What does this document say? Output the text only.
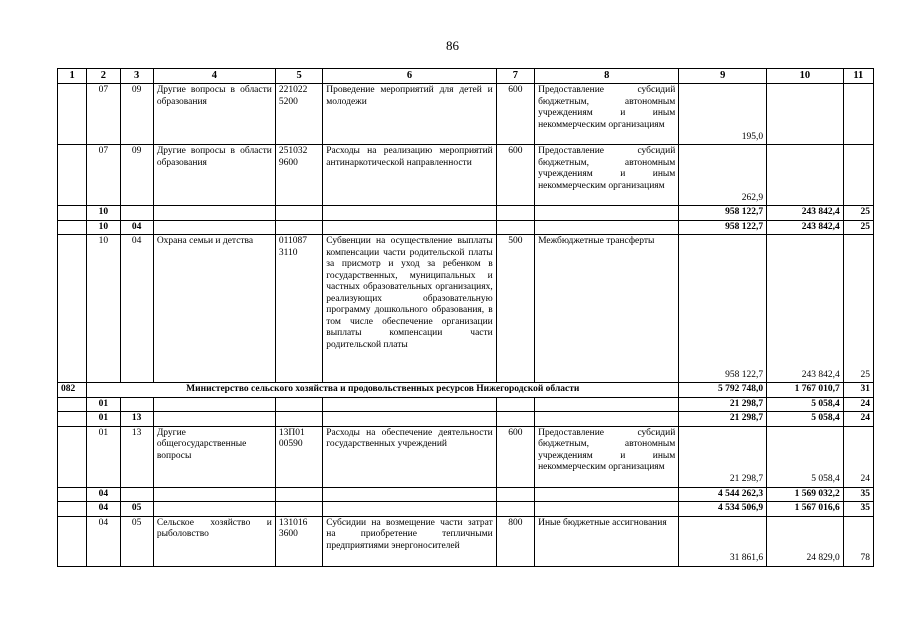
86
1	2	3	4	5	6	7	8	9	10	11
	07	09	Другие вопросы в области образования	221022 5200	Проведение мероприятий для детей и молодежи	600	Предоставление субсидий бюджетным, автономным учреждениям и иным некоммерческим организациям	195,0		
	07	09	Другие вопросы в области образования	251032 9600	Расходы на реализацию мероприятий антинаркотической направленности	600	Предоставление субсидий бюджетным, автономным учреждениям и иным некоммерческим организациям	262,9		
	10							958 122,7	243 842,4	25
	10	04						958 122,7	243 842,4	25
	10	04	Охрана семьи и детства	011087 3110	Субвенции на осуществление выплаты компенсации части родительской платы за присмотр и уход за ребенком в государственных, муниципальных и частных образовательных организациях, реализующих образовательную программу дошкольного образования, в том числе обеспечение организации выплаты компенсации части родительской платы	500	Межбюджетные трансферты	958 122,7	243 842,4	25
082	Министерство сельского хозяйства и продовольственных ресурсов Нижегородской области							5 792 748,0	1 767 010,7	31
	01							21 298,7	5 058,4	24
	01	13						21 298,7	5 058,4	24
	01	13	Другие общегосударственные вопросы	13П01 00590	Расходы на обеспечение деятельности государственных учреждений	600	Предоставление субсидий бюджетным, автономным учреждениям и иным некоммерческим организациям	21 298,7	5 058,4	24
	04							4 544 262,3	1 569 032,2	35
	04	05						4 534 506,9	1 567 016,6	35
	04	05	Сельское хозяйство и рыболовство	131016 3600	Субсидии на возмещение части затрат на приобретение тепличными предприятиями энергоносителей	800	Иные бюджетные ассигнования	31 861,6	24 829,0	78
